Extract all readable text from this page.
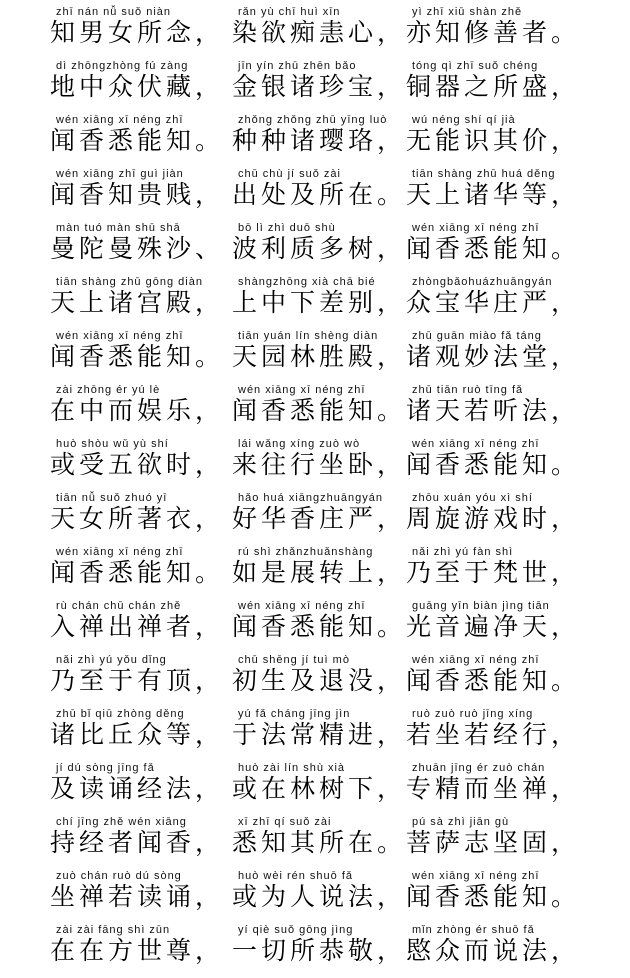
zhī nán nǚ suǒ niàn
知男女所念，
rǎn yù chī huì xīn
染欲痴恚心，
yì zhī xiū shàn zhě
亦知修善者。
dì zhōngzhòng fú zàng
地中众伏藏，
jīn yín zhū zhēn bǎo
金银诸珍宝，
tóng qì zhī suǒ chéng
铜器之所盛，
wén xiāng xī néng zhī
闻香悉能知。
zhǒng zhǒng zhū yīng luò
种种诸璎珞，
wú néng shí qí jià
无能识其价，
wén xiāng zhī guì jiàn
闻香知贵贱，
chū chù jí suǒ zài
出处及所在。
tiān shàng zhū huá děng
天上诸华等，
màn tuó màn shū shā
曼陀曼殊沙、
bō lì zhì duō shù
波利质多树，
wén xiāng xī néng zhī
闻香悉能知。
tiān shàng zhū gōng diàn
天上诸宫殿，
shàngzhōng xià chā bié
上中下差别，
zhòngbǎohuázhuāngyán
众宝华庄严，
wén xiāng xī néng zhī
闻香悉能知。
tiān yuán lín shèng diàn
天园林胜殿，
zhū guān miào fǎ táng
诸观妙法堂，
zài zhōng ér yú lè
在中而娱乐，
wén xiāng xī néng zhī
闻香悉能知。
zhū tiān ruò tīng fǎ
诸天若听法，
huò shòu wǔ yù shí
或受五欲时，
lái wǎng xíng zuò wò
来往行坐卧，
wén xiāng xī néng zhī
闻香悉能知。
tiān nǚ suǒ zhuó yī
天女所著衣，
hǎo huá xiāngzhuāngyán
好华香庄严，
zhōu xuán yóu xì shí
周旋游戏时，
wén xiāng xī néng zhī
闻香悉能知。
rú shì zhǎnzhuǎnshàng
如是展转上，
nǎi zhì yú fàn shì
乃至于梵世，
rù chán chū chán zhě
入禅出禅者，
wén xiāng xī néng zhī
闻香悉能知。
guāng yīn biàn jìng tiān
光音遍净天，
nǎi zhì yú yǒu dǐng
乃至于有顶，
chū shēng jí tuì mò
初生及退没，
wén xiāng xī néng zhī
闻香悉能知。
zhū bǐ qiū zhòng děng
诸比丘众等，
yú fǎ cháng jīng jìn
于法常精进，
ruò zuò ruò jīng xíng
若坐若经行，
jí dú sòng jīng fǎ
及读诵经法，
huò zài lín shù xià
或在林树下，
zhuān jīng ér zuò chán
专精而坐禅，
chí jīng zhě wén xiāng
持经者闻香，
xī zhī qí suǒ zài
悉知其所在。
pú sà zhì jiān gù
菩萨志坚固，
zuò chán ruò dú sòng
坐禅若读诵，
huò wèi rén shuō fǎ
或为人说法，
wén xiāng xī néng zhī
闻香悉能知。
zài zài fāng shì zūn
在在方世尊，
yí qiè suǒ gōng jìng
一切所恭敬，
mǐn zhòng ér shuō fǎ
愍众而说法，
